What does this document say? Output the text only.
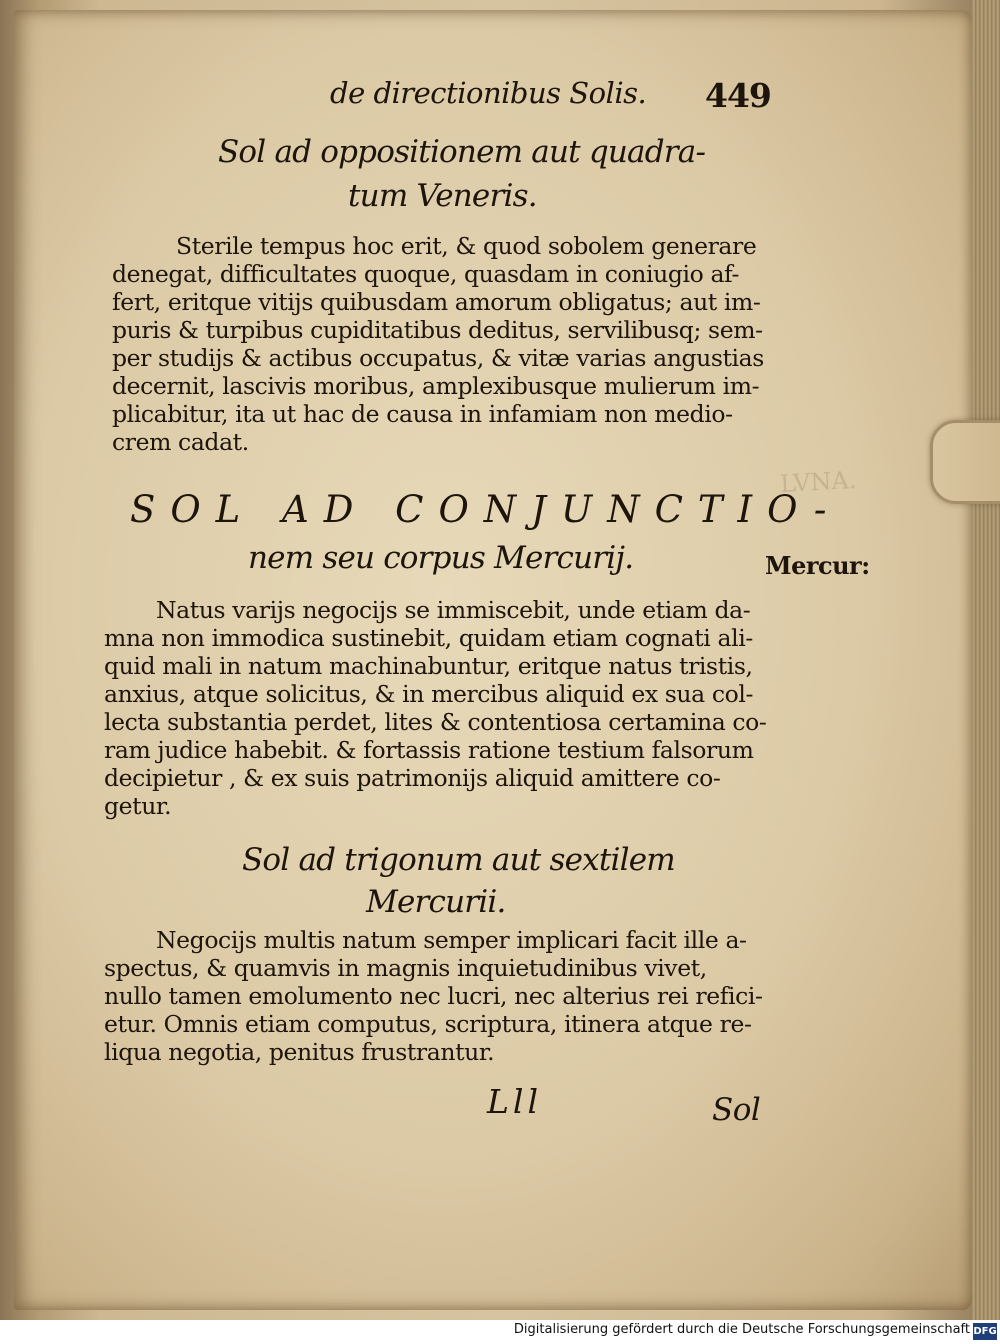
LVNA.
de directionibus Solis. 449
Sol ad oppositionem aut quadra-
tum Veneris.
Sterile tempus hoc erit, & quod sobolem generare
denegat, difficultates quoque, quasdam in coniugio af-
fert, eritque vitijs quibusdam amorum obligatus; aut im-
puris & turpibus cupiditatibus deditus, servilibusq; sem-
per studijs & actibus occupatus, & vitæ varias angustias
decernit, lascivis moribus, amplexibusque mulierum im-
plicabitur, ita ut hac de causa in infamiam non medio-
crem cadat.
SOL AD CONJUNCTIO-
nem seu corpus Mercurij.	Mercur:
Natus varijs negocijs se immiscebit, unde etiam da-
mna non immodica sustinebit, quidam etiam cognati ali-
quid mali in natum machinabuntur, eritque natus tristis,
anxius, atque solicitus, & in mercibus aliquid ex sua col-
lecta substantia perdet, lites & contentiosa certamina co-
ram judice habebit. & fortassis ratione testium falsorum
decipietur , & ex suis patrimonijs aliquid amittere co-
getur.
Sol ad trigonum aut sextilem
Mercurii.
Negocijs multis natum semper implicari facit ille a-
spectus, & quamvis in magnis inquietudinibus vivet,
nullo tamen emolumento nec lucri, nec alterius rei refici-
etur. Omnis etiam computus, scriptura, itinera atque re-
liqua negotia, penitus frustrantur.
Lll	Sol
Digitalisierung gefördert durch die Deutsche Forschungsgemeinschaft DFG
